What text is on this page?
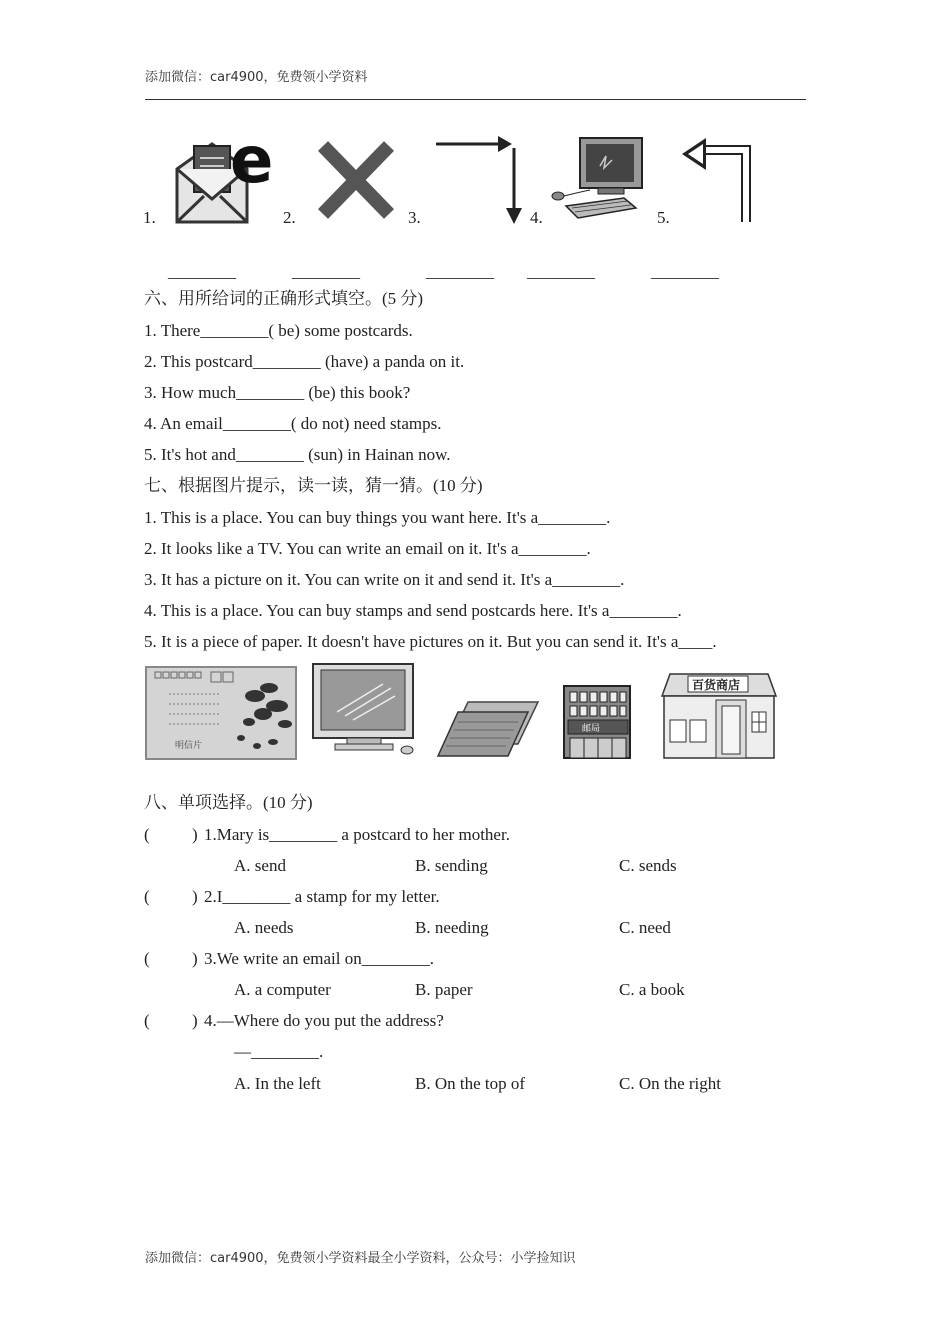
添加微信：car4900，免费领小学资料
1.
e
2.	3.	4.	5.
________	________	________ ________	________
六、用所给词的正确形式填空。(5 分)
1. There________( be) some postcards.
2. This postcard________ (have) a panda on it.
3. How much________ (be) this book?
4. An email________( do not) need stamps.
5. It's hot and________ (sun) in Hainan now.
七、根据图片提示，读一读，猜一猜。(10 分)
1. This is a place. You can buy things you want here. It's a________.
2. It looks like a TV. You can write an email on it. It's a________.
3. It has a picture on it. You can write on it and send it. It's a________.
4. This is a place. You can buy stamps and send postcards here. It's a________.
5. It is a piece of paper. It doesn't have pictures on it. But you can send it. It's a____.
明信片
邮局
百货商店
八、单项选择。(10 分)
( ) 1.Mary is________ a postcard to her mother.
A. send	B. sending	C. sends
( ) 2.I________ a stamp for my letter.
A. needs	B. needing	C. need
( ) 3.We write an email on________.
A. a computer	B. paper	C. a book
( ) 4.—Where do you put the address?
—________.
A. In the left	B. On the top of	C. On the right
添加微信：car4900，免费领小学资料最全小学资料，公众号：小学捡知识
